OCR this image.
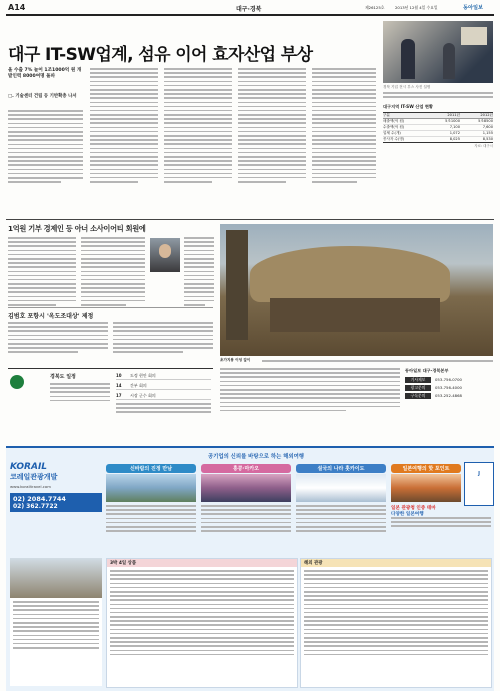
A14	대구·경북	제26125호	2013년 12월 4일 수요일	동아일보
대구 IT-SW업계, 섬유 이어 효자산업 부상
올 수출 7% 늘어 1조1000억 원 개발인력 8000여명 돌파
□. 기술센터 건립 등 기반확충 나서
경북 기업 전시 부스 사진 설명
대구지역 IT-SW 산업 현황
구분	2011년	2012년
매출액(억 원)	5조1000	5조8500
수출액(억 원)	7,100	7,600
업체 수(개)	1,072	1,155
종사자 수(명)	8,025	8,530
자료: 대구시
1억원 기부 경제인 등 아너 소사이어티 회원에
김범호 포항시 '옥도조대상' 제정
초가지붕 이엉 갈이
경북도 일정	10	도정 현안 회의
14	간부 회의
17	시장 군수 회의
동아일보 대구·경북본부
기사제보	053-756-0700
광고문의	053-756-4000
구독문의	053-252-4868
공기업의 신뢰를 바탕으로 하는 해외여행
KORAIL
코레일관광개발
www.korailtravel.com
02) 2084.7744
02) 362.7722
신바람의 진정 만남	홍콩·마카오	설국의 나라 홋카이도	일본여행의 핫 포인트
J
일본 관광청 인증 테마
다양한 일본여행
3박 4일 상품	해외 관광
